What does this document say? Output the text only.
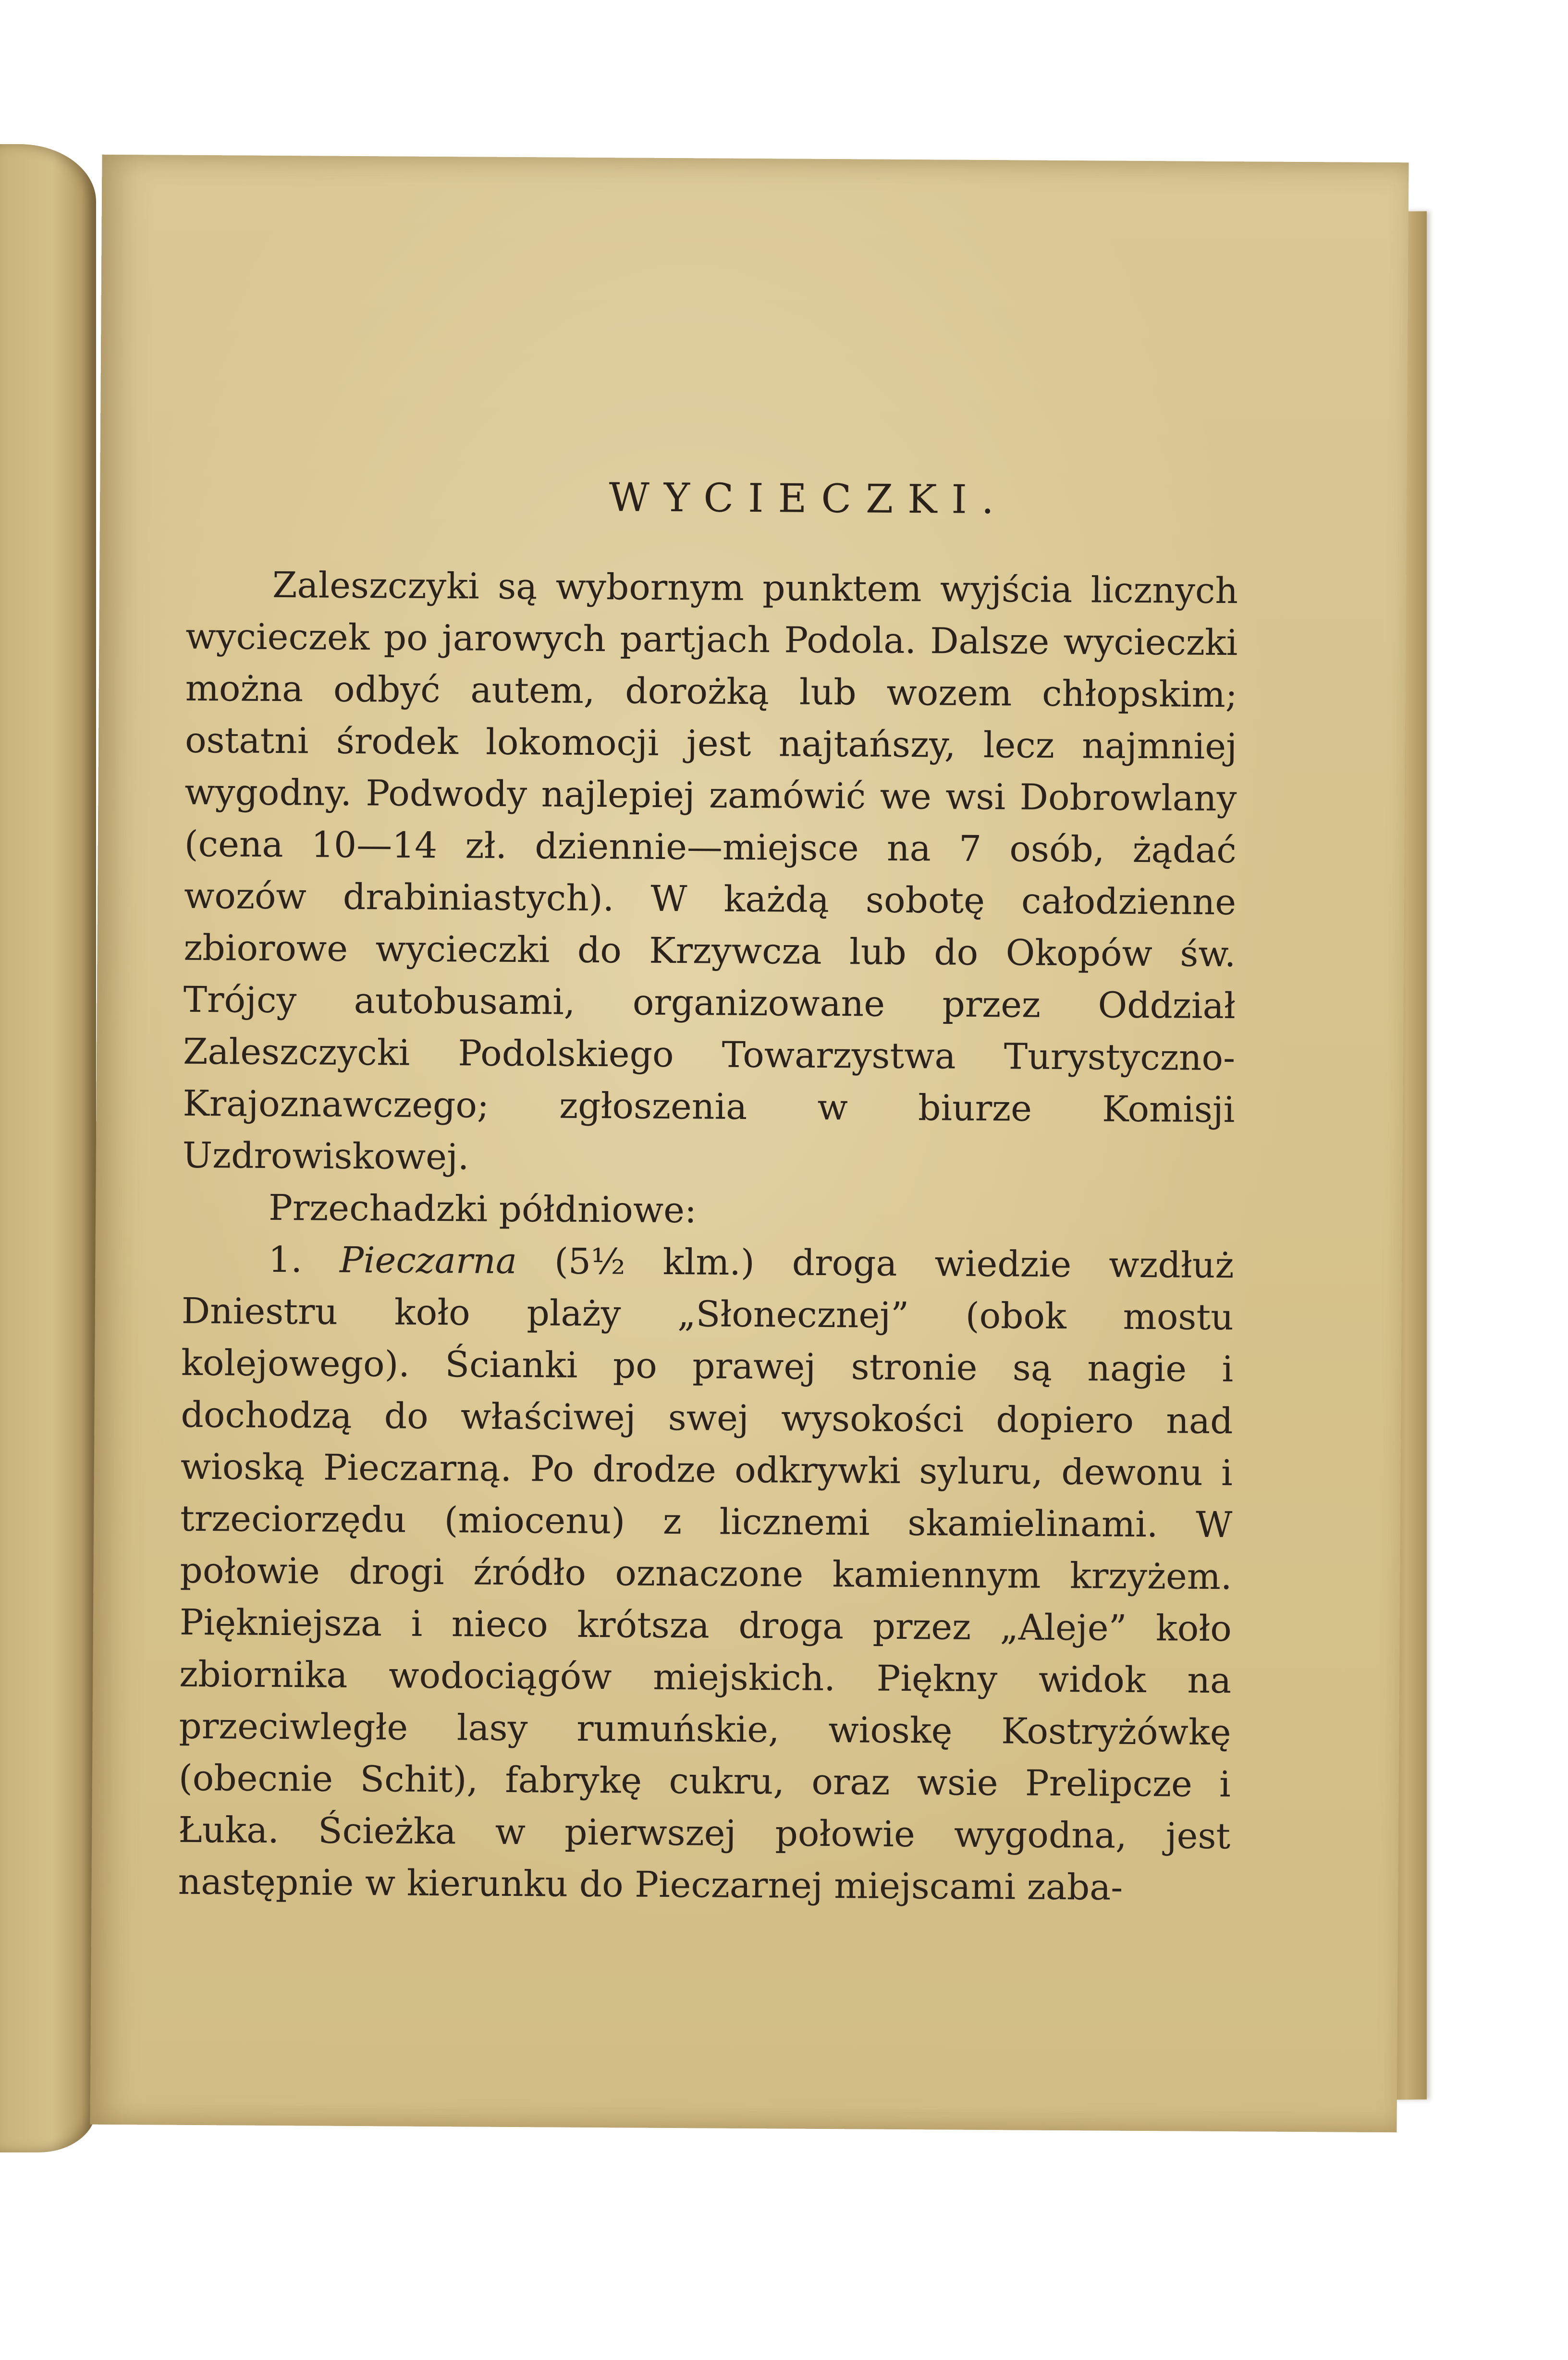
WYCIECZKI.

Zaleszczyki są wybornym punktem wyjścia licznych wycieczek po jarowych partjach Podola. Dalsze wycieczki można odbyć autem, dorożką lub wozem chłopskim; ostatni środek lokomocji jest najtańszy, lecz najmniej wygodny. Podwody najlepiej zamówić we wsi Dobrowlany (cena 10—14 zł. dziennie—miejsce na 7 osób, żądać wozów drabiniastych). W każdą sobotę całodzienne zbiorowe wycieczki do Krzywcza lub do Okopów św. Trójcy autobusami, organizowane przez Oddział Zaleszczycki Podolskiego Towarzystwa Turystyczno-Krajoznawczego; zgłoszenia w biurze Komisji Uzdrowiskowej.

Przechadzki półdniowe:

1. Pieczarna (5½ klm.) droga wiedzie wzdłuż Dniestru koło plaży „Słonecznej” (obok mostu kolejowego). Ścianki po prawej stronie są nagie i dochodzą do właściwej swej wysokości dopiero nad wioską Pieczarną. Po drodze odkrywki syluru, dewonu i trzeciorzędu (miocenu) z licznemi skamielinami. W połowie drogi źródło oznaczone kamiennym krzyżem. Piękniejsza i nieco krótsza droga przez „Aleje” koło zbiornika wodociągów miejskich. Piękny widok na przeciwległe lasy rumuńskie, wioskę Kostryżówkę (obecnie Schit), fabrykę cukru, oraz wsie Prelipcze i Łuka. Ścieżka w pierwszej połowie wygodna, jest następnie w kierunku do Pieczarnej miejscami zaba-
